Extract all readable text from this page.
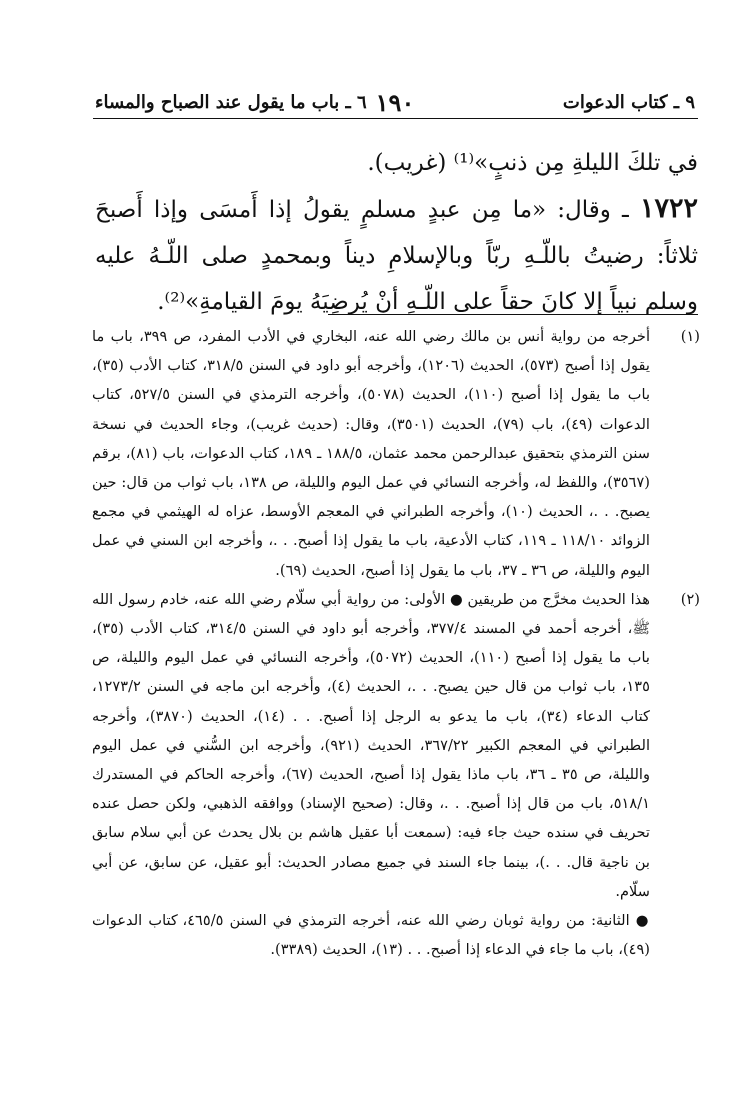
٩ ـ كتاب الدعوات
١٩٠
٦ ـ باب ما يقول عند الصباح والمساء

في تلكَ الليلةِ مِن ذنبٍ»⁽¹⁾ (غريب).

١٧٢٢ ـ وقال: «ما مِن عبدٍ مسلمٍ يقولُ إذا أَمسَى وإذا أَصبحَ ثلاثاً: رضيتُ باللّـهِ ربّاً وبالإسلامِ ديناً وبمحمدٍ صلى اللّـهُ عليه وسلم نبياً إلا كانَ حقاً على اللّـهِ أنْ يُرضِيَهُ يومَ القيامةِ»⁽²⁾.

(١)
أخرجه من رواية أنس بن مالك رضي الله عنه، البخاري في الأدب المفرد، ص ٣٩٩، باب ما يقول إذا أصبح (٥٧٣)، الحديث (١٢٠٦)، وأخرجه أبو داود في السنن ٣١٨/٥، كتاب الأدب (٣٥)، باب ما يقول إذا أصبح (١١٠)، الحديث (٥٠٧٨)، وأخرجه الترمذي في السنن ٥٢٧/٥، كتاب الدعوات (٤٩)، باب (٧٩)، الحديث (٣٥٠١)، وقال: (حديث غريب)، وجاء الحديث في نسخة سنن الترمذي بتحقيق عبدالرحمن محمد عثمان، ١٨٨/٥ ـ ١٨٩، كتاب الدعوات، باب (٨١)، برقم (٣٥٦٧)، واللفظ له، وأخرجه النسائي في عمل اليوم والليلة، ص ١٣٨، باب ثواب من قال: حين يصبح. . .، الحديث (١٠)، وأخرجه الطبراني في المعجم الأوسط، عزاه له الهيثمي في مجمع الزوائد ١١٨/١٠ ـ ١١٩، كتاب الأدعية، باب ما يقول إذا أصبح. . .، وأخرجه ابن السني في عمل اليوم والليلة، ص ٣٦ ـ ٣٧، باب ما يقول إذا أصبح، الحديث (٦٩).
(٢)
هذا الحديث مخرَّج من طريقين ● الأولى: من رواية أبي سلّام رضي الله عنه، خادم رسول الله ﷺ، أخرجه أحمد في المسند ٣٧٧/٤، وأخرجه أبو داود في السنن ٣١٤/٥، كتاب الأدب (٣٥)، باب ما يقول إذا أصبح (١١٠)، الحديث (٥٠٧٢)، وأخرجه النسائي في عمل اليوم والليلة، ص ١٣٥، باب ثواب من قال حين يصبح. . .، الحديث (٤)، وأخرجه ابن ماجه في السنن ١٢٧٣/٢، كتاب الدعاء (٣٤)، باب ما يدعو به الرجل إذا أصبح. . . (١٤)، الحديث (٣٨٧٠)، وأخرجه الطبراني في المعجم الكبير ٣٦٧/٢٢، الحديث (٩٢١)، وأخرجه ابن السُّني في عمل اليوم والليلة، ص ٣٥ ـ ٣٦، باب ماذا يقول إذا أصبح، الحديث (٦٧)، وأخرجه الحاكم في المستدرك ٥١٨/١، باب من قال إذا أصبح. . .، وقال: (صحيح الإسناد) ووافقه الذهبي، ولكن حصل عنده تحريف في سنده حيث جاء فيه: (سمعت أبا عقيل هاشم بن بلال يحدث عن أبي سلام سابق بن ناجية قال. . .)، بينما جاء السند في جميع مصادر الحديث: أبو عقيل، عن سابق، عن أبي سلّام.
● الثانية: من رواية ثوبان رضي الله عنه، أخرجه الترمذي في السنن ٤٦٥/٥، كتاب الدعوات (٤٩)، باب ما جاء في الدعاء إذا أصبح. . . (١٣)، الحديث (٣٣٨٩).
